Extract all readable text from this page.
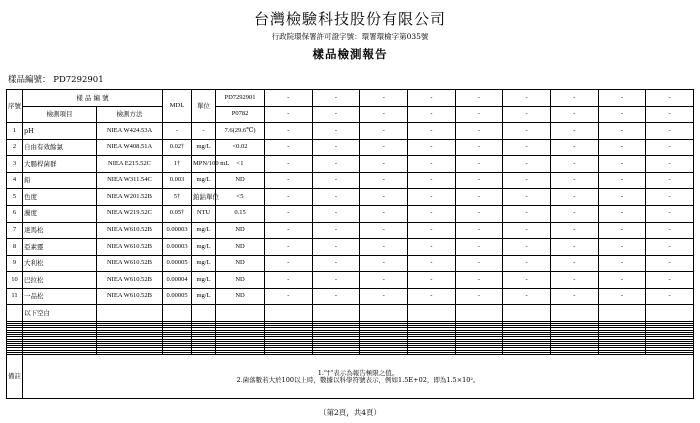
台灣檢驗科技股份有限公司
行政院環保署許可證字號：環署環檢字第035號
樣品檢測報告
樣品編號： PD7292901
序號	樣 品 編 號		MDL	單位	PD7292901	-	-	-	-	-	-	-	-	-
	檢測項目	檢測方法			P0782	-	-	-	-	-	-	-	-	-
1	pH	NIEA W424.53A	-	-	7.6(29.6℃)	-	-	-	-	-	-	-	-	-
2	自由有效餘氯	NIEA W408.51A	0.02†	mg/L	<0.02	-	-	-	-	-	-	-	-	-
3	大腸桿菌群	NIEA E215.52C	1†	MPN/100 mL	<1	-	-	-	-	-	-	-	-	-
4	鉛	NIEA W311.54C	0.003	mg/L	ND	-	-	-	-	-	-	-	-	-
5	色度	NIEA W201.52B	5†	鉑鈷單位	<5	-	-	-	-	-	-	-	-	-
6	濁度	NIEA W219.52C	0.05†	NTU	0.15	-	-	-	-	-	-	-	-	-
7	達馬松	NIEA W610.52B	0.00003	mg/L	ND	-	-	-	-	-	-	-	-	-
8	亞素靈	NIEA W610.52B	0.00003	mg/L	ND	-	-	-	-	-	-	-	-	-
9	大利松	NIEA W610.52B	0.00005	mg/L	ND	-	-	-	-	-	-	-	-	-
10	巴拉松	NIEA W610.52B	0.00004	mg/L	ND	-	-	-	-	-	-	-	-	-
11	一品松	NIEA W610.52B	0.00005	mg/L	ND	-	-	-	-	-	-	-	-	-
	以下空白													

備註	1."†"表示為報告極限之值。
2.菌落數若大於100以上時，數據以科學符號表示，例如1.5E+02，即為1.5×10²。													
（第2頁，共4頁）
